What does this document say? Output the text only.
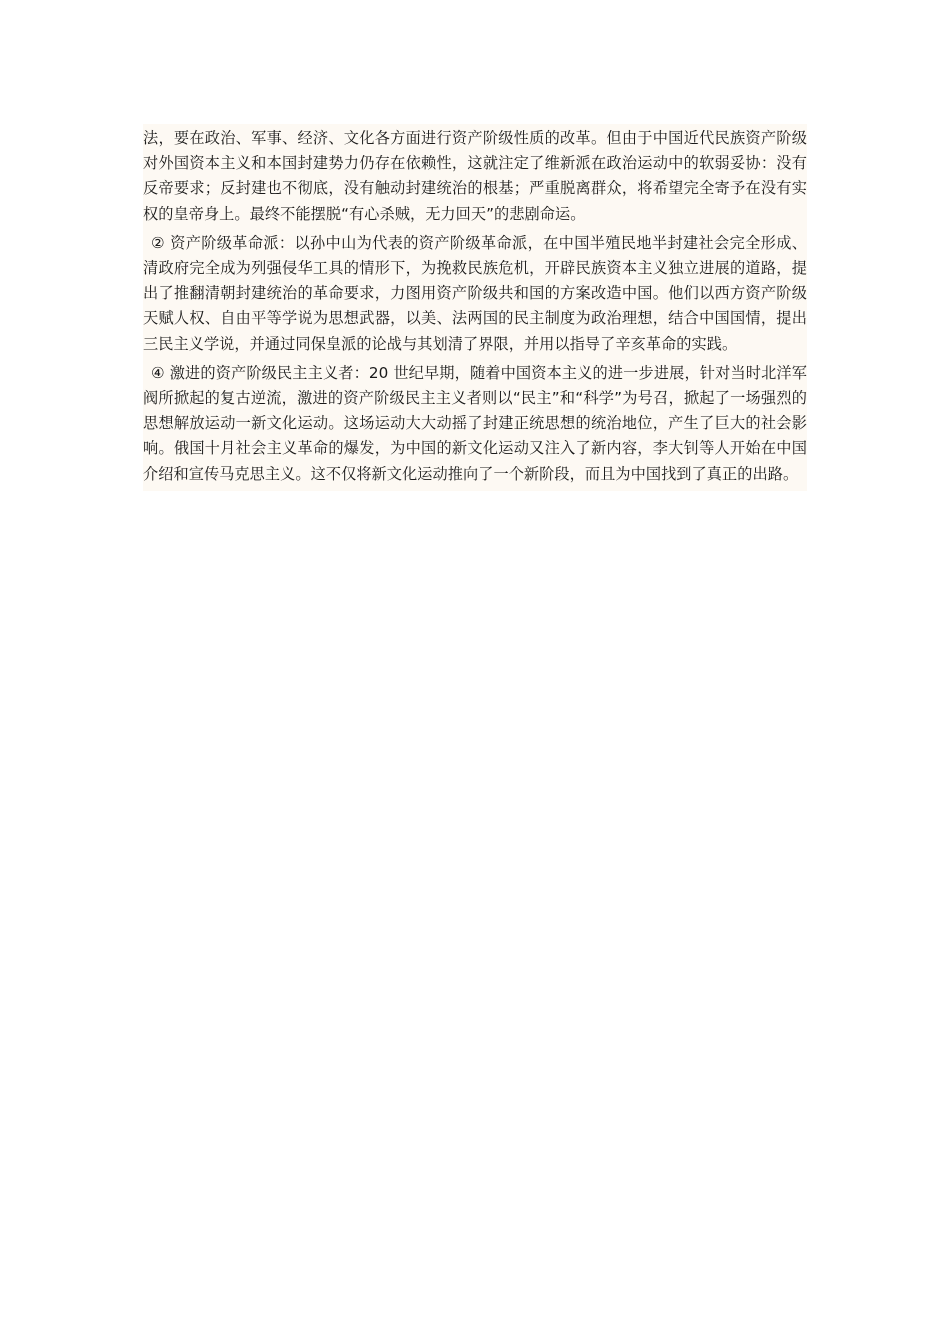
法，要在政治、军事、经济、文化各方面进行资产阶级性质的改革。但由于中国近代民族资产阶级对外国资本主义和本国封建势力仍存在依赖性，这就注定了维新派在政治运动中的软弱妥协：没有反帝要求；反封建也不彻底，没有触动封建统治的根基；严重脱离群众，将希望完全寄予在没有实权的皇帝身上。最终不能摆脱“有心杀贼，无力回天”的悲剧命运。

② 资产阶级革命派：以孙中山为代表的资产阶级革命派，在中国半殖民地半封建社会完全形成、清政府完全成为列强侵华工具的情形下，为挽救民族危机，开辟民族资本主义独立进展的道路，提出了推翻清朝封建统治的革命要求，力图用资产阶级共和国的方案改造中国。他们以西方资产阶级天赋人权、自由平等学说为思想武器，以美、法两国的民主制度为政治理想，结合中国国情，提出三民主义学说，并通过同保皇派的论战与其划清了界限，并用以指导了辛亥革命的实践。

④ 激进的资产阶级民主主义者：20 世纪早期，随着中国资本主义的进一步进展，针对当时北洋军阀所掀起的复古逆流，激进的资产阶级民主主义者则以“民主”和“科学”为号召，掀起了一场强烈的思想解放运动一新文化运动。这场运动大大动摇了封建正统思想的统治地位，产生了巨大的社会影响。俄国十月社会主义革命的爆发，为中国的新文化运动又注入了新内容，李大钊等人开始在中国介绍和宣传马克思主义。这不仅将新文化运动推向了一个新阶段，而且为中国找到了真正的出路。
